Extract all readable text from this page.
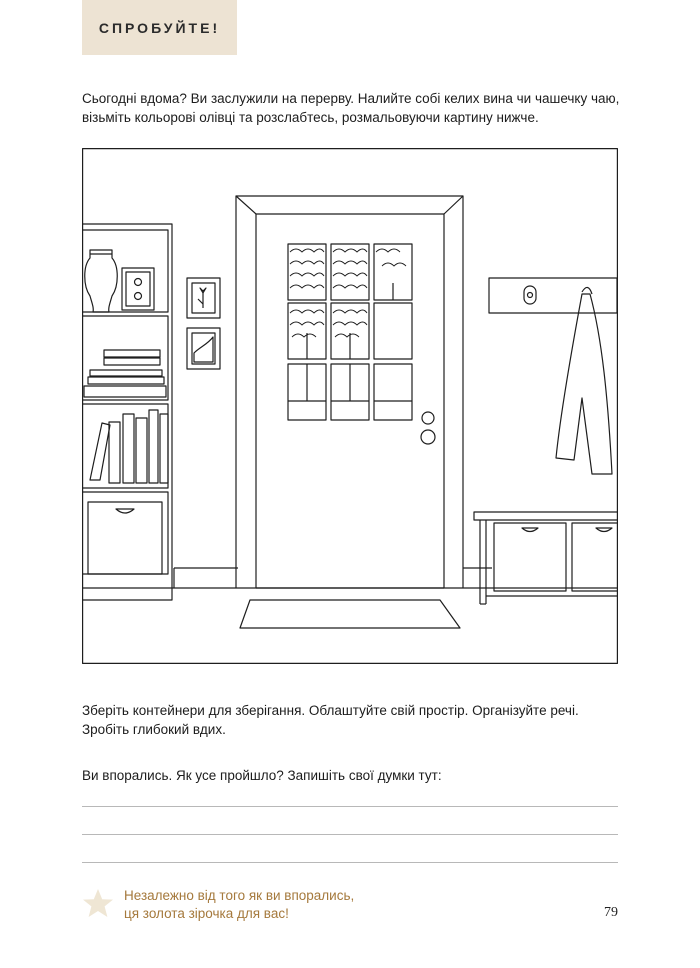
СПРОБУЙТЕ!
Сьогодні вдома? Ви заслужили на перерву. Налийте собі келих вина чи чашечку чаю,
візьміть кольорові олівці та розслабтесь, розмальовуючи картину нижче.
Зберіть контейнери для зберігання. Облаштуйте свій простір. Організуйте речі.
Зробіть глибокий вдих.
Ви впорались. Як усе пройшло? Запишіть свої думки тут:
Незалежно від того як ви впорались,
ця золота зірочка для вас!	79
